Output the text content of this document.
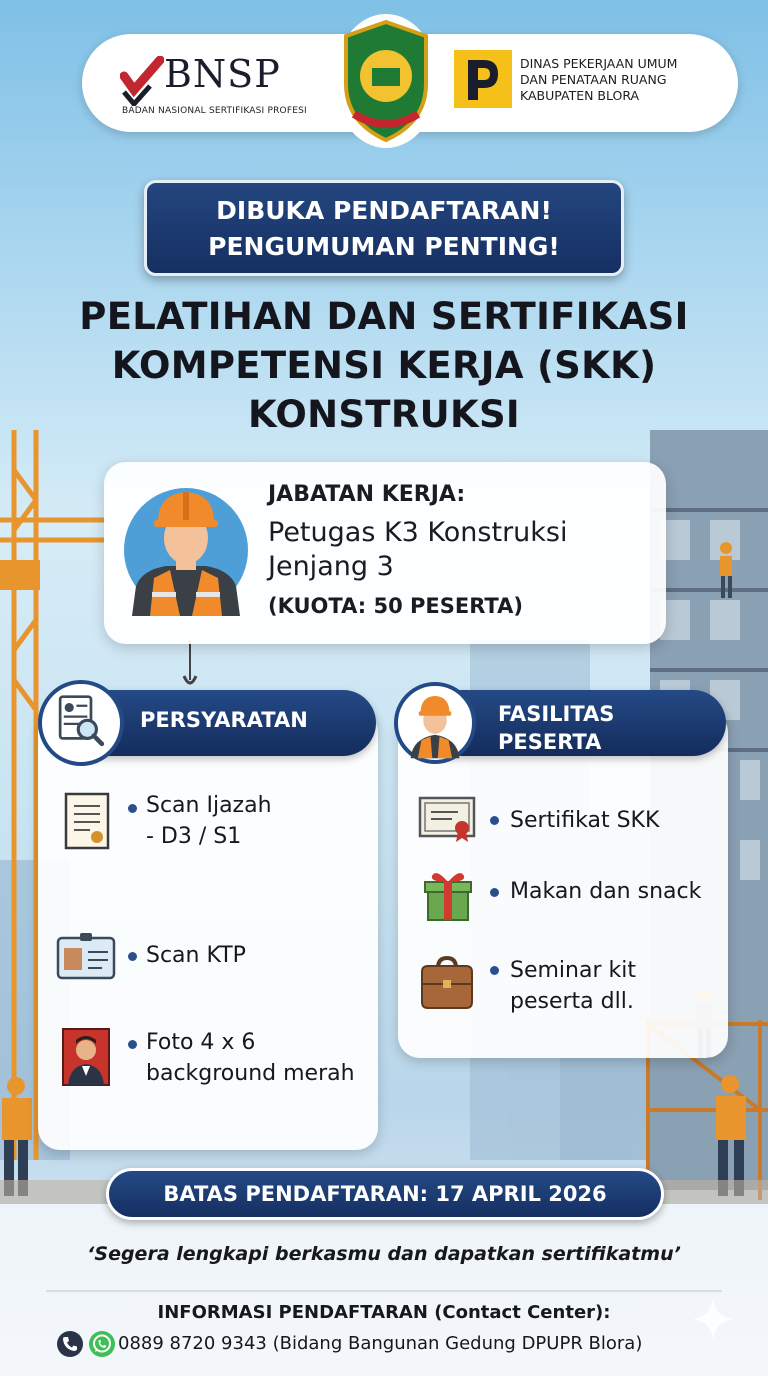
BNSP
BADAN NASIONAL SERTIFIKASI PROFESI
DINAS PEKERJAAN UMUM
DAN PENATAAN RUANG
KABUPATEN BLORA
DIBUKA PENDAFTARAN!
PENGUMUMAN PENTING!
PELATIHAN DAN SERTIFIKASI
KOMPETENSI KERJA (SKK)
KONSTRUKSI
JABATAN KERJA:
Petugas K3 Konstruksi
Jenjang 3
(KUOTA: 50 PESERTA)
PERSYARATAN
Scan Ijazah
- D3 / S1
Scan KTP
Foto 4 x 6
background merah
FASILITAS
PESERTA
Sertifikat SKK
Makan dan snack
Seminar kit
peserta dll.
BATAS PENDAFTARAN: 17 APRIL 2026
‘Segera lengkapi berkasmu dan dapatkan sertifikatmu’
INFORMASI PENDAFTARAN (Contact Center):
0889 8720 9343 (Bidang Bangunan Gedung DPUPR Blora)
